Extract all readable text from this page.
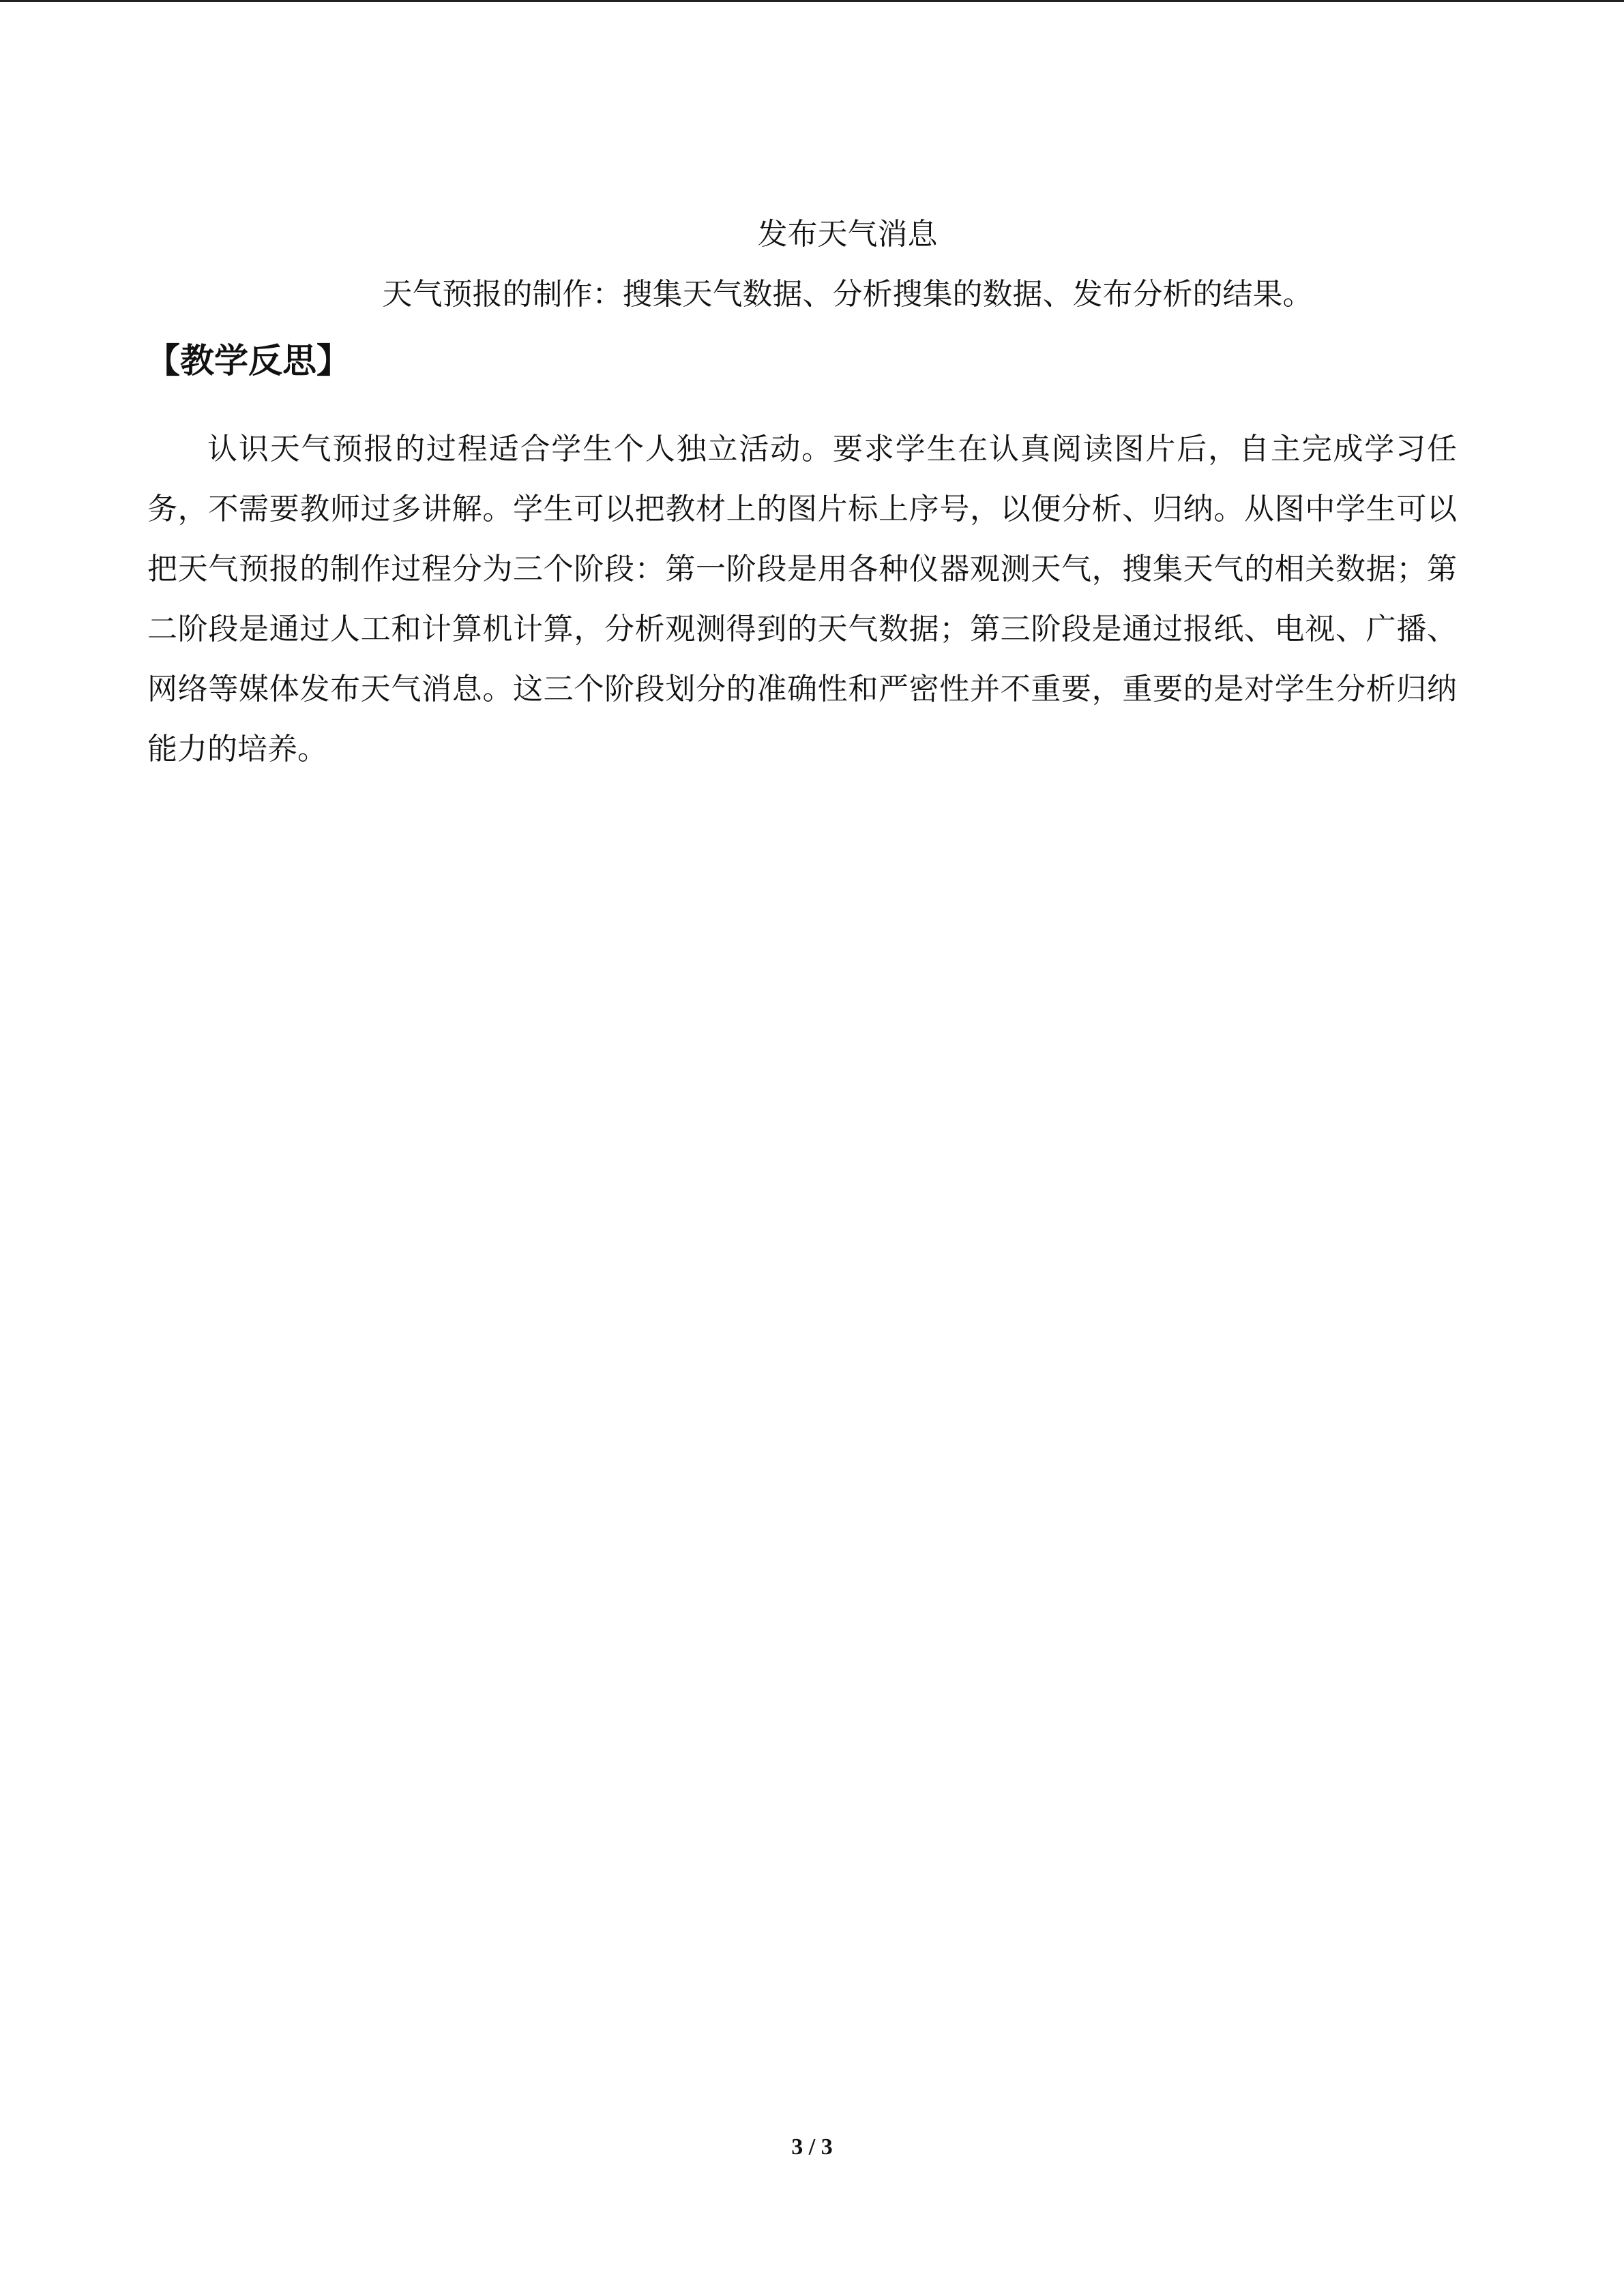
发布天气消息
天气预报的制作：搜集天气数据、分析搜集的数据、发布分析的结果。
【教学反思】

认识天气预报的过程适合学生个人独立活动。要求学生在认真阅读图片后，自主完成学习任务，不需要教师过多讲解。学生可以把教材上的图片标上序号，以便分析、归纳。从图中学生可以把天气预报的制作过程分为三个阶段：第一阶段是用各种仪器观测天气，搜集天气的相关数据；第二阶段是通过人工和计算机计算，分析观测得到的天气数据；第三阶段是通过报纸、电视、广播、网络等媒体发布天气消息。这三个阶段划分的准确性和严密性并不重要，重要的是对学生分析归纳能力的培养。

3 / 3
